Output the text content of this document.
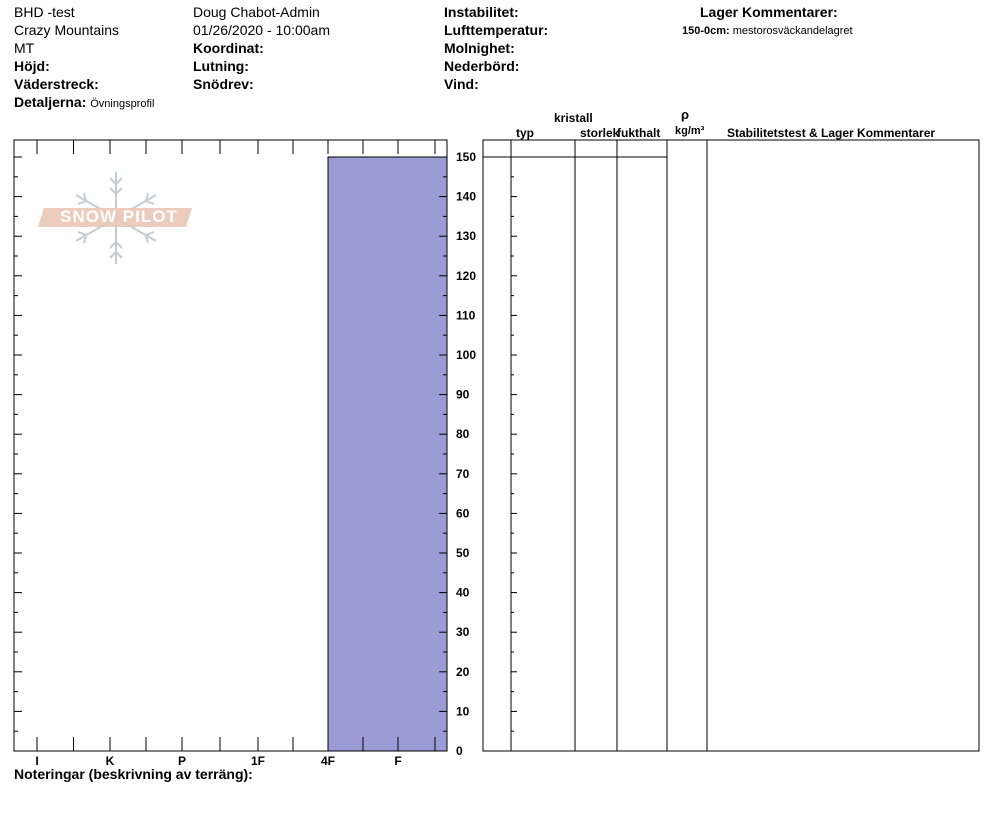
BHD -test
Crazy Mountains
MT
Höjd:
Väderstreck:
Detaljerna: Övningsprofil
Doug Chabot-Admin
01/26/2020 - 10:00am
Koordinat:
Lutning:
Snödrev:
Instabilitet:
Lufttemperatur:
Molnighet:
Nederbörd:
Vind:
Lager Kommentarer:
150-0cm: mestorosväckandelagret
kristall
typ	storlek
fukthalt
ρ
kg/m³ Stabilitetstest & Lager Kommentarer
SNOW PILOT
I	K	P	1F	4F	F
0
10
20
30
40
50
60
70
80
90
100
110
120
130
140
150
Noteringar (beskrivning av terräng):
